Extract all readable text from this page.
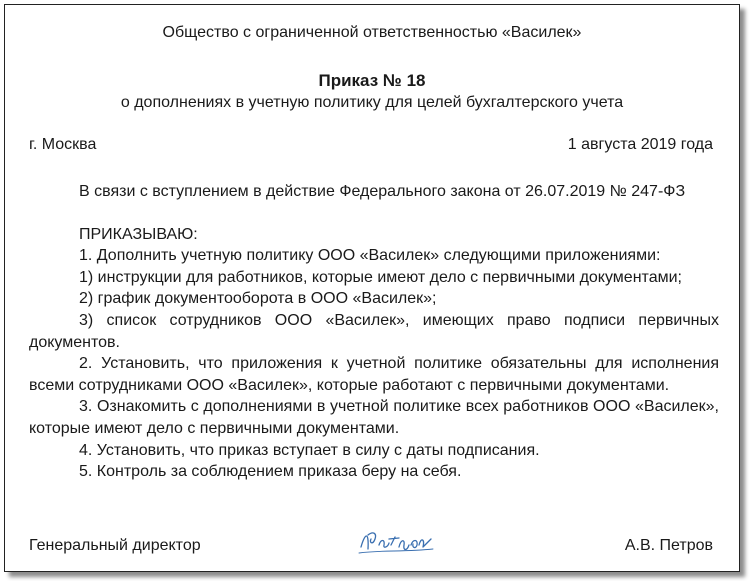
Общество с ограниченной ответственностью «Василек»
Приказ № 18
о дополнениях в учетную политику для целей бухгалтерского учета
г. Москва	1 августа 2019 года

В связи с вступлением в действие Федерального закона от 26.07.2019 № 247-ФЗ

ПРИКАЗЫВАЮ:

1. Дополнить учетную политику ООО «Василек» следующими приложениями:

1) инструкции для работников, которые имеют дело с первичными документами;

2) график документооборота в ООО «Василек»;

3) список сотрудников ООО «Василек», имеющих право подписи первичных документов.

2. Установить, что приложения к учетной политике обязательны для исполнения всеми сотрудниками ООО «Василек», которые работают с первичными документами.

3. Ознакомить с дополнениями в учетной политике всех работников ООО «Василек», которые имеют дело с первичными документами.

4. Установить, что приказ вступает в силу с даты подписания.

5. Контроль за соблюдением приказа беру на себя.

Генеральный директор	А.В. Петров
